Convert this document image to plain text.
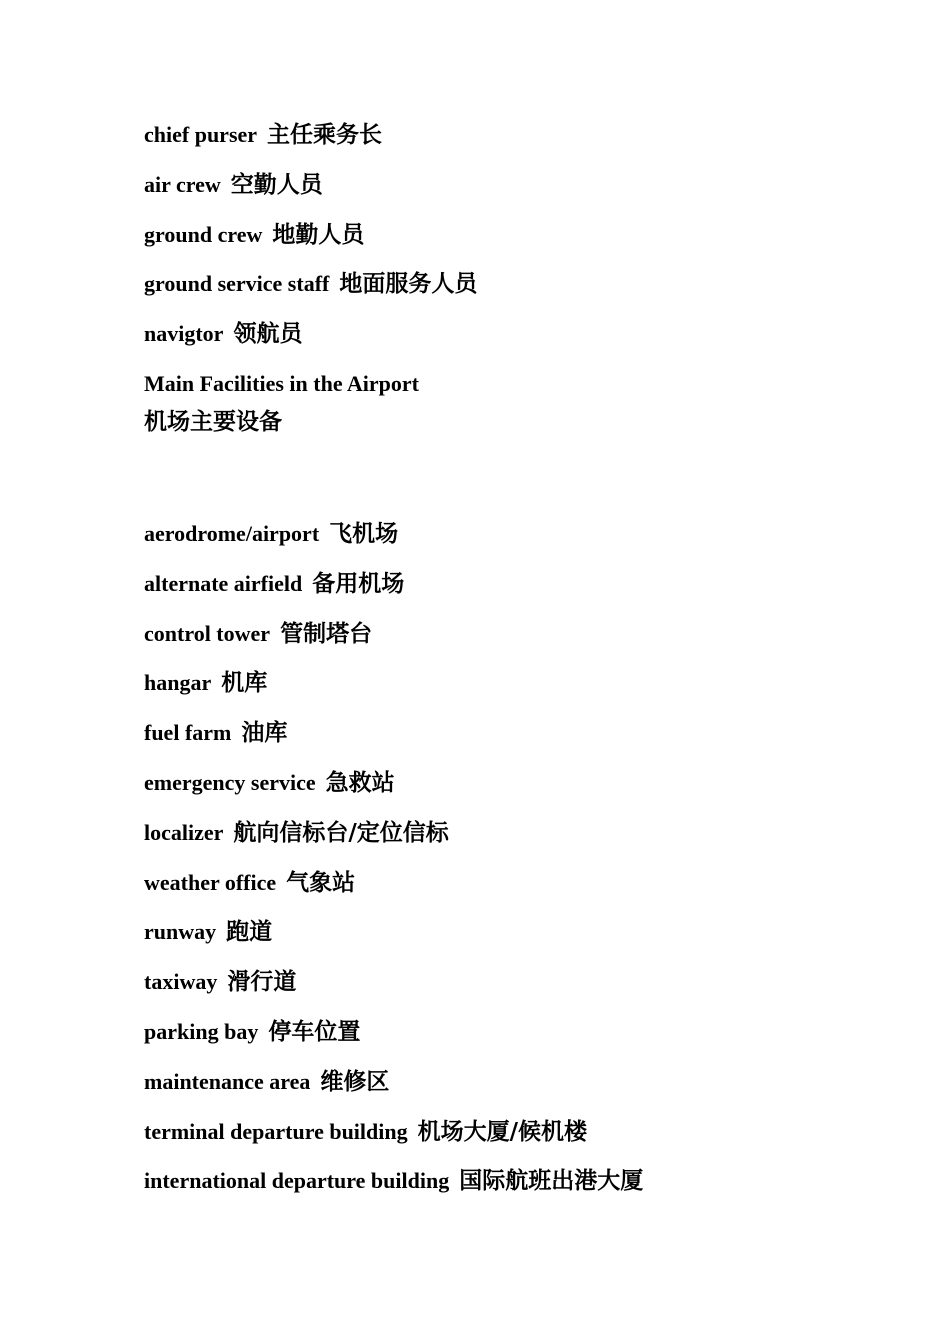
chief purser 主任乘务长
air crew 空勤人员
ground crew 地勤人员
ground service staff 地面服务人员
navigtor 领航员
Main Facilities in the Airport
机场主要设备
aerodrome/airport 飞机场
alternate airfield 备用机场
control tower 管制塔台
hangar 机库
fuel farm 油库
emergency service 急救站
localizer 航向信标台/定位信标
weather office 气象站
runway 跑道
taxiway 滑行道
parking bay 停车位置
maintenance area 维修区
terminal departure building 机场大厦/候机楼
international departure building 国际航班出港大厦
